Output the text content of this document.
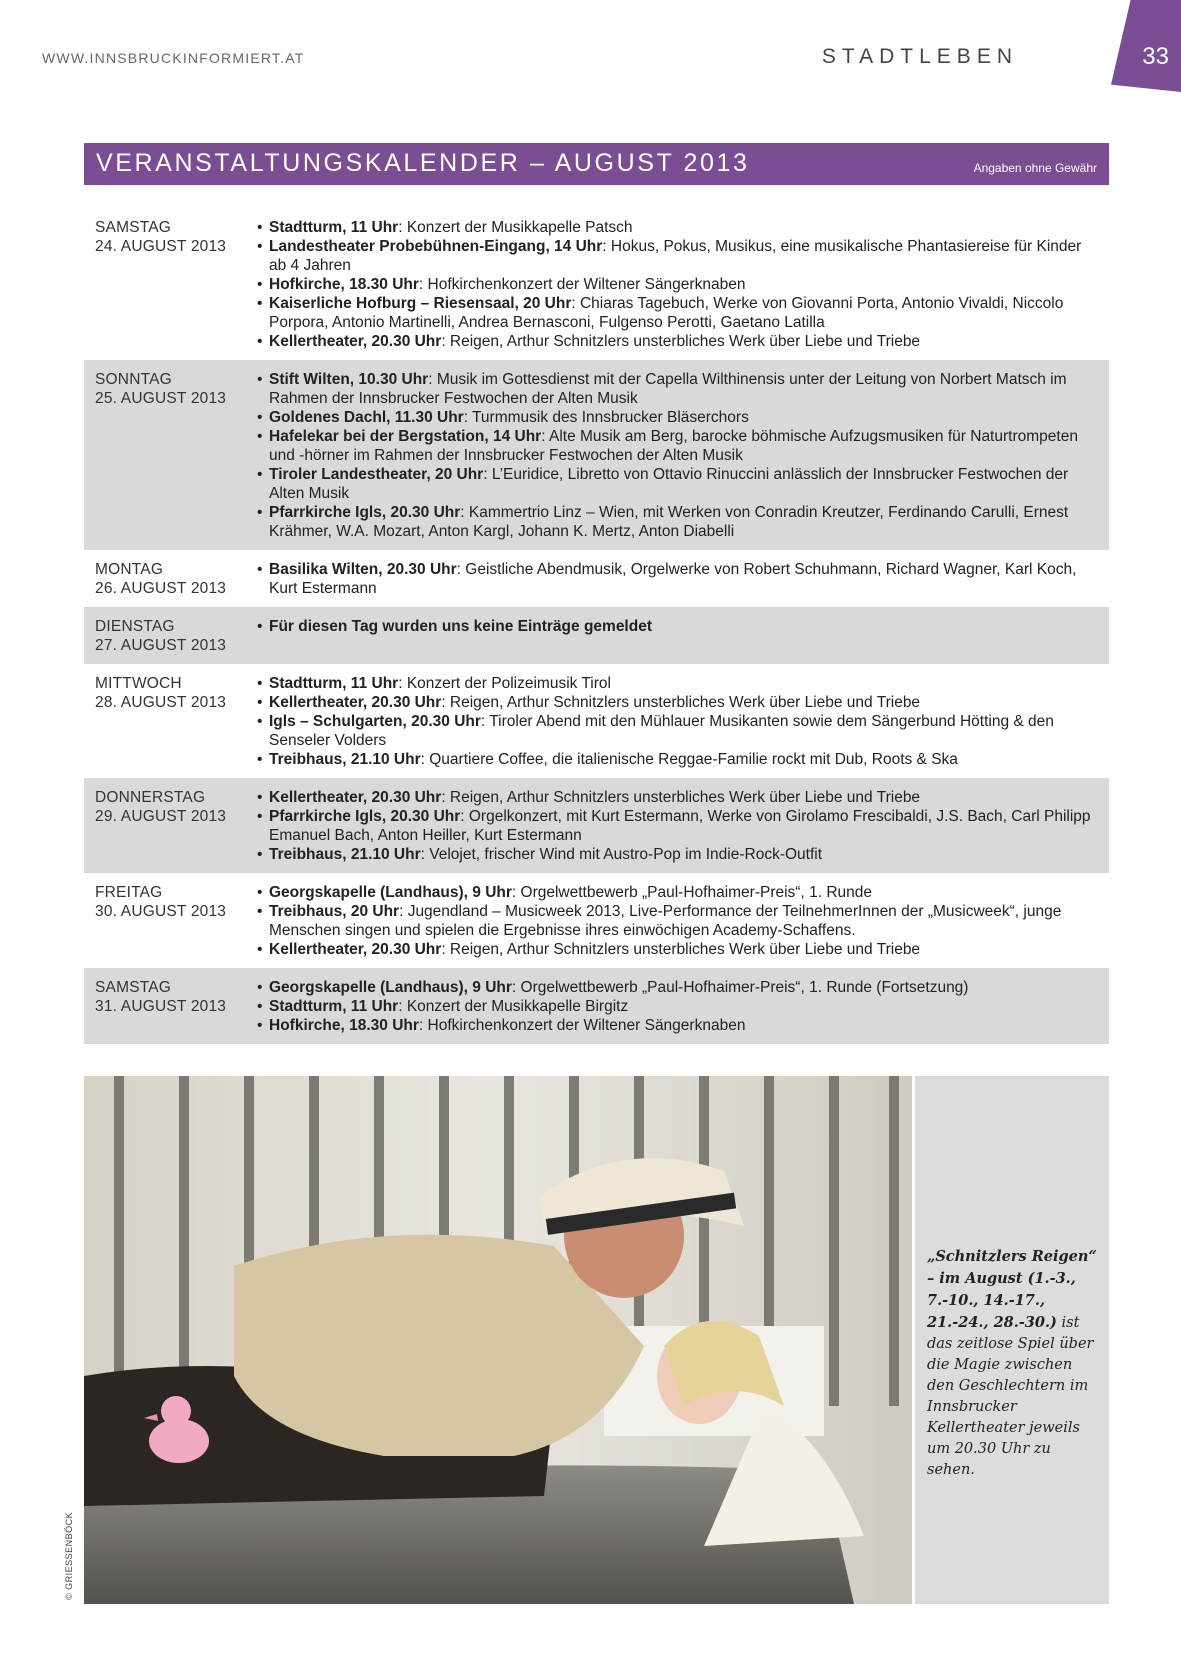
WWW.INNSBRUCKINFORMIERT.AT	STADTLEBEN	33
VERANSTALTUNGSKALENDER – AUGUST 2013	Angaben ohne Gewähr
SAMSTAG
24. AUGUST 2013
• Stadtturm, 11 Uhr: Konzert der Musikkapelle Patsch
• Landestheater Probebühnen-Eingang, 14 Uhr: Hokus, Pokus, Musikus, eine musikalische Phantasiereise für Kinder ab 4 Jahren
• Hofkirche, 18.30 Uhr: Hofkirchenkonzert der Wiltener Sängerknaben
• Kaiserliche Hofburg – Riesensaal, 20 Uhr: Chiaras Tagebuch, Werke von Giovanni Porta, Antonio Vivaldi, Niccolo Porpora, Antonio Martinelli, Andrea Bernasconi, Fulgenso Perotti, Gaetano Latilla
• Kellertheater, 20.30 Uhr: Reigen, Arthur Schnitzlers unsterbliches Werk über Liebe und Triebe
SONNTAG
25. AUGUST 2013
• Stift Wilten, 10.30 Uhr: Musik im Gottesdienst mit der Capella Wilthinensis unter der Leitung von Norbert Matsch im Rahmen der Innsbrucker Festwochen der Alten Musik
• Goldenes Dachl, 11.30 Uhr: Turmmusik des Innsbrucker Bläserchors
• Hafelekar bei der Bergstation, 14 Uhr: Alte Musik am Berg, barocke böhmische Aufzugsmusiken für Naturtrompeten und -hörner im Rahmen der Innsbrucker Festwochen der Alten Musik
• Tiroler Landestheater, 20 Uhr: L’Euridice, Libretto von Ottavio Rinuccini anlässlich der Innsbrucker Festwochen der Alten Musik
• Pfarrkirche Igls, 20.30 Uhr: Kammertrio Linz – Wien, mit Werken von Conradin Kreutzer, Ferdinando Carulli, Ernest Krähmer, W.A. Mozart, Anton Kargl, Johann K. Mertz, Anton Diabelli
MONTAG
26. AUGUST 2013
• Basilika Wilten, 20.30 Uhr: Geistliche Abendmusik, Orgelwerke von Robert Schuhmann, Richard Wagner, Karl Koch, Kurt Estermann
DIENSTAG
27. AUGUST 2013
• Für diesen Tag wurden uns keine Einträge gemeldet
MITTWOCH
28. AUGUST 2013
• Stadtturm, 11 Uhr: Konzert der Polizeimusik Tirol
• Kellertheater, 20.30 Uhr: Reigen, Arthur Schnitzlers unsterbliches Werk über Liebe und Triebe
• Igls – Schulgarten, 20.30 Uhr: Tiroler Abend mit den Mühlauer Musikanten sowie dem Sängerbund Hötting & den Senseler Volders
• Treibhaus, 21.10 Uhr: Quartiere Coffee, die italienische Reggae-Familie rockt mit Dub, Roots & Ska
DONNERSTAG
29. AUGUST 2013
• Kellertheater, 20.30 Uhr: Reigen, Arthur Schnitzlers unsterbliches Werk über Liebe und Triebe
• Pfarrkirche Igls, 20.30 Uhr: Orgelkonzert, mit Kurt Estermann, Werke von Girolamo Frescibaldi, J.S. Bach, Carl Philipp Emanuel Bach, Anton Heiller, Kurt Estermann
• Treibhaus, 21.10 Uhr: Velojet, frischer Wind mit Austro-Pop im Indie-Rock-Outfit
FREITAG
30. AUGUST 2013
• Georgskapelle (Landhaus), 9 Uhr: Orgelwettbewerb „Paul-Hofhaimer-Preis“, 1. Runde
• Treibhaus, 20 Uhr: Jugendland – Musicweek 2013, Live-Performance der TeilnehmerInnen der „Musicweek“, junge Menschen singen und spielen die Ergebnisse ihres einwöchigen Academy-Schaffens.
• Kellertheater, 20.30 Uhr: Reigen, Arthur Schnitzlers unsterbliches Werk über Liebe und Triebe
SAMSTAG
31. AUGUST 2013
• Georgskapelle (Landhaus), 9 Uhr: Orgelwettbewerb „Paul-Hofhaimer-Preis“, 1. Runde (Fortsetzung)
• Stadtturm, 11 Uhr: Konzert der Musikkapelle Birgitz
• Hofkirche, 18.30 Uhr: Hofkirchenkonzert der Wiltener Sängerknaben
„Schnitzlers Reigen“ – im August (1.-3., 7.-10., 14.-17., 21.-24., 28.-30.) ist das zeitlose Spiel über die Magie zwischen den Geschlechtern im Innsbrucker Kellertheater jeweils um 20.30 Uhr zu sehen.
© GRIESSENBÖCK
